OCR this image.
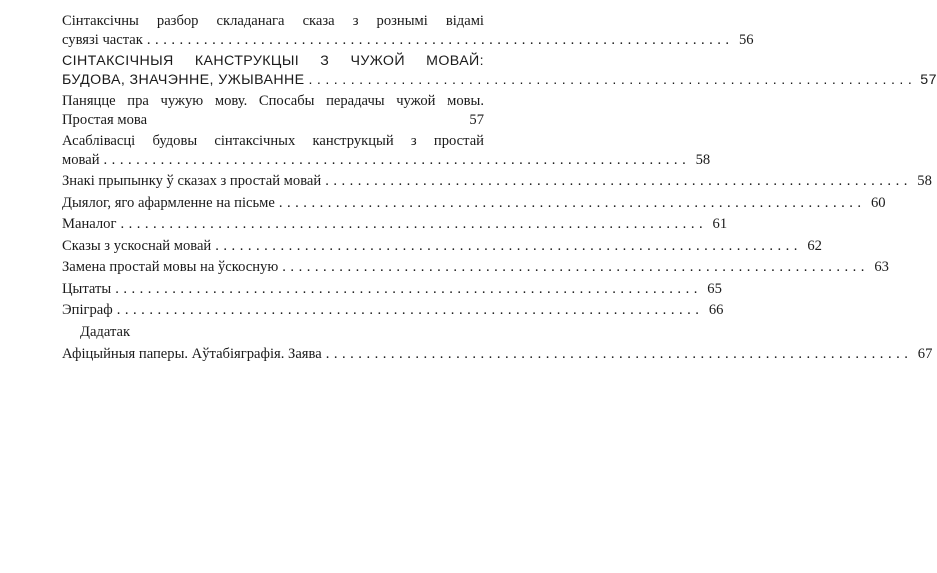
Сінтаксічны разбор складанага сказа з рознымі відамі
сувязі частак ........................................................................ 56
СІНТАКСІЧНЫЯ КАНСТРУКЦЫІ З ЧУЖОЙ МОВАЙ:
БУДОВА, ЗНАЧЭННЕ, УЖЫВАННЕ ........................................................................ 57
Паняцце пра чужую мову. Спосабы перадачы чужой мовы.
Простая мова	57
Асаблівасці будовы сінтаксічных канструкцый з простай
мовай ........................................................................ 58
Знакі прыпынку ў сказах з простай мовай ........................................................................ 58
Дыялог, яго афармленне на пісьме ........................................................................ 60
Маналог ........................................................................ 61
Сказы з ускоснай мовай ........................................................................ 62
Замена простай мовы на ўскосную ........................................................................ 63
Цытаты ........................................................................ 65
Эпіграф ........................................................................ 66
Дадатак
Афіцыйныя паперы. Аўтабіяграфія. Заява ........................................................................ 67
